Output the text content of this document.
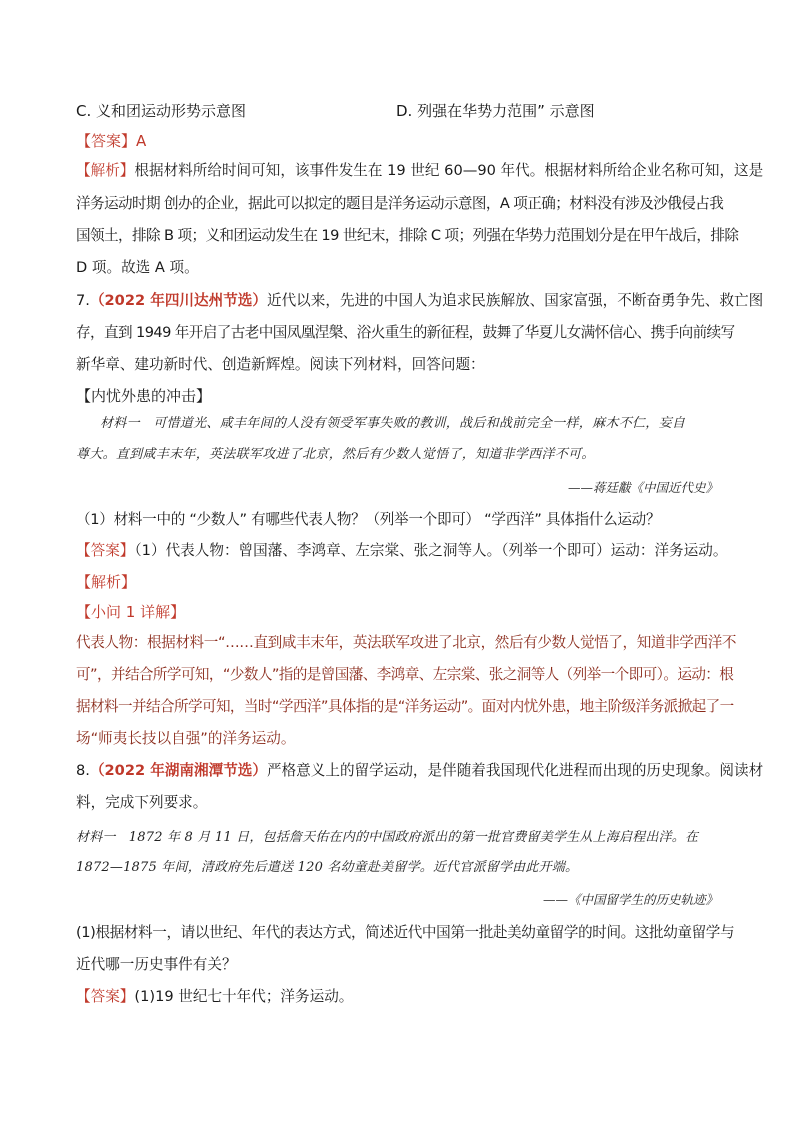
C. 义和团运动形势示意图	D. 列强在华势力范围” 示意图
【答案】A
【解析】根据材料所给时间可知，该事件发生在 19 世纪 60—90 年代。根据材料所给企业名称可知，这是
洋务运动时期 创办的企业，据此可以拟定的题目是洋务运动示意图，A 项正确；材料没有涉及沙俄侵占我
国领土，排除 B 项；义和团运动发生在 19 世纪末，排除 C 项；列强在华势力范围划分是在甲午战后，排除
D 项。故选 A 项。
7.（2022 年四川达州节选）近代以来，先进的中国人为追求民族解放、国家富强，不断奋勇争先、救亡图
存，直到 1949 年开启了古老中国凤凰涅槃、浴火重生的新征程，鼓舞了华夏儿女满怀信心、携手向前续写
新华章、建功新时代、创造新辉煌。阅读下列材料，回答问题：
【内忧外患的冲击】
材料一　可惜道光、咸丰年间的人没有领受军事失败的教训，战后和战前完全一样，麻木不仁，妄自
尊大。直到咸丰末年，英法联军攻进了北京，然后有少数人觉悟了，知道非学西洋不可。
——蒋廷黻《中国近代史》
（1）材料一中的 “少数人” 有哪些代表人物？（列举一个即可） “学西洋” 具体指什么运动？
【答案】（1）代表人物：曾国藩、李鸿章、左宗棠、张之洞等人。（列举一个即可）运动：洋务运动。
【解析】
【小问 1 详解】
代表人物：根据材料一“……直到咸丰末年，英法联军攻进了北京，然后有少数人觉悟了，知道非学西洋不
可”，并结合所学可知，“少数人”指的是曾国藩、李鸿章、左宗棠、张之洞等人（列举一个即可）。运动：根
据材料一并结合所学可知，当时“学西洋”具体指的是“洋务运动”。面对内忧外患，地主阶级洋务派掀起了一
场“师夷长技以自强”的洋务运动。
8.（2022 年湖南湘潭节选）严格意义上的留学运动，是伴随着我国现代化进程而出现的历史现象。阅读材
料，完成下列要求。
材料一　1872 年 8 月 11 日，包括詹天佑在内的中国政府派出的第一批官费留美学生从上海启程出洋。在
1872—1875 年间，清政府先后遣送 120 名幼童赴美留学。近代官派留学由此开端。
——《中国留学生的历史轨迹》
(1)根据材料一，请以世纪、年代的表达方式，简述近代中国第一批赴美幼童留学的时间。这批幼童留学与
近代哪一历史事件有关？
【答案】(1)19 世纪七十年代；洋务运动。
